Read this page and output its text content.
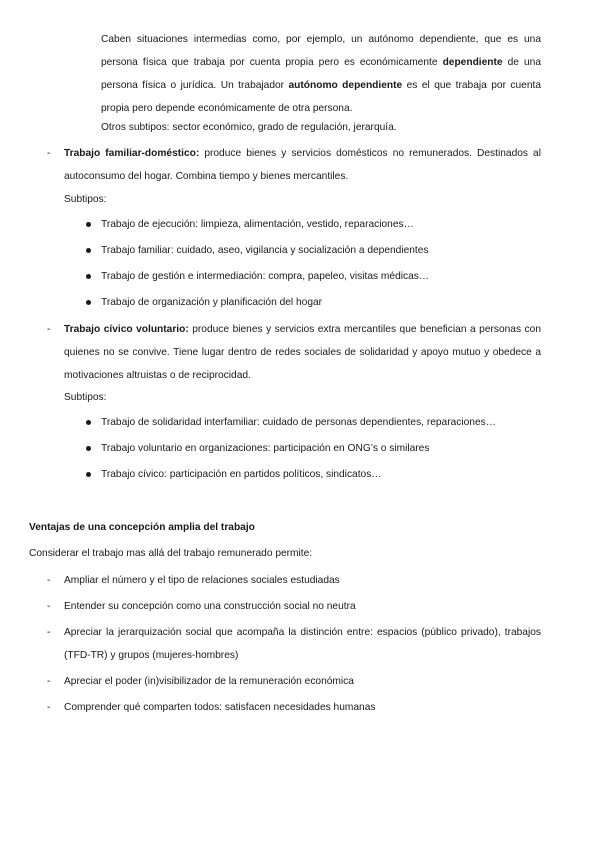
Caben situaciones intermedias como, por ejemplo, un autónomo dependiente, que es una persona física que trabaja por cuenta propia pero es económicamente dependiente de una persona física o jurídica. Un trabajador autónomo dependiente es el que trabaja por cuenta propia pero depende económicamente de otra persona.

Otros subtipos: sector económico, grado de regulación, jerarquía.

- Trabajo familiar-doméstico: produce bienes y servicios domésticos no remunerados. Destinados al autoconsumo del hogar. Combina tiempo y bienes mercantiles.

Subtipos:

Trabajo de ejecución: limpieza, alimentación, vestido, reparaciones…

Trabajo familiar: cuidado, aseo, vigilancia y socialización a dependientes

Trabajo de gestión e intermediación: compra, papeleo, visitas médicas…

Trabajo de organización y planificación del hogar

- Trabajo cívico voluntario: produce bienes y servicios extra mercantiles que benefician a personas con quienes no se convive. Tiene lugar dentro de redes sociales de solidaridad y apoyo mutuo y obedece a motivaciones altruistas o de reciprocidad.

Subtipos:

Trabajo de solidaridad interfamiliar: cuidado de personas dependientes, reparaciones…

Trabajo voluntario en organizaciones: participación en ONG’s o similares

Trabajo cívico: participación en partidos políticos, sindicatos…

Ventajas de una concepción amplia del trabajo

Considerar el trabajo mas allá del trabajo remunerado permite:

- Ampliar el número y el tipo de relaciones sociales estudiadas

- Entender su concepción como una construcción social no neutra

- Apreciar la jerarquización social que acompaña la distinción entre: espacios (público privado), trabajos (TFD-TR) y grupos (mujeres-hombres)

- Apreciar el poder (in)visibilizador de la remuneración económica

- Comprender qué comparten todos: satisfacen necesidades humanas
